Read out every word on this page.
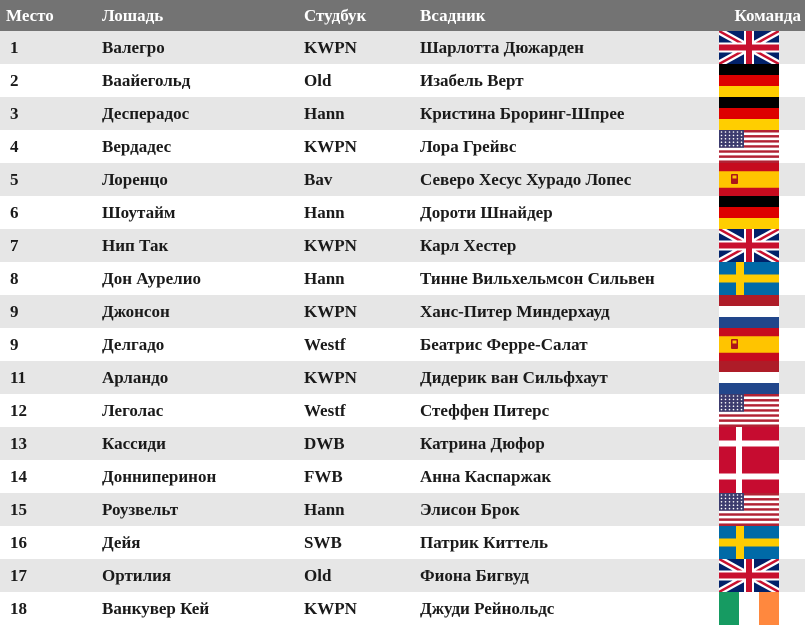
Место	Лошадь	Студбук	Всадник	Команда
1	Валегро	KWPN	Шарлотта Дюжарден	

2	Ваайегольд	Old	Изабель Верт	

3	Десперадос	Hann	Кристина Броринг-Шпрее	

4	Вердадес	KWPN	Лора Грейвс	

5	Лоренцо	Bav	Северо Хесус Хурадо Лопес	

6	Шоутайм	Hann	Дороти Шнайдер	

7	Нип Так	KWPN	Карл Хестер	

8	Дон Аурелио	Hann	Тинне Вильхельмсон Сильвен	

9	Джонсон	KWPN	Ханс-Питер Миндерхауд	

9	Делгадо	Westf	Беатрис Ферре-Салат	

11	Арландо	KWPN	Дидерик ван Сильфхаут	

12	Леголас	Westf	Стеффен Питерс	

13	Кассиди	DWB	Катрина Дюфор	

14	Донниперинон	FWB	Анна Каспаржак	

15	Роузвельт	Hann	Элисон Брок	

16	Дейя	SWB	Патрик Киттель	

17	Ортилия	Old	Фиона Бигвуд	

18	Ванкувер Кей	KWPN	Джуди Рейнольдс	
